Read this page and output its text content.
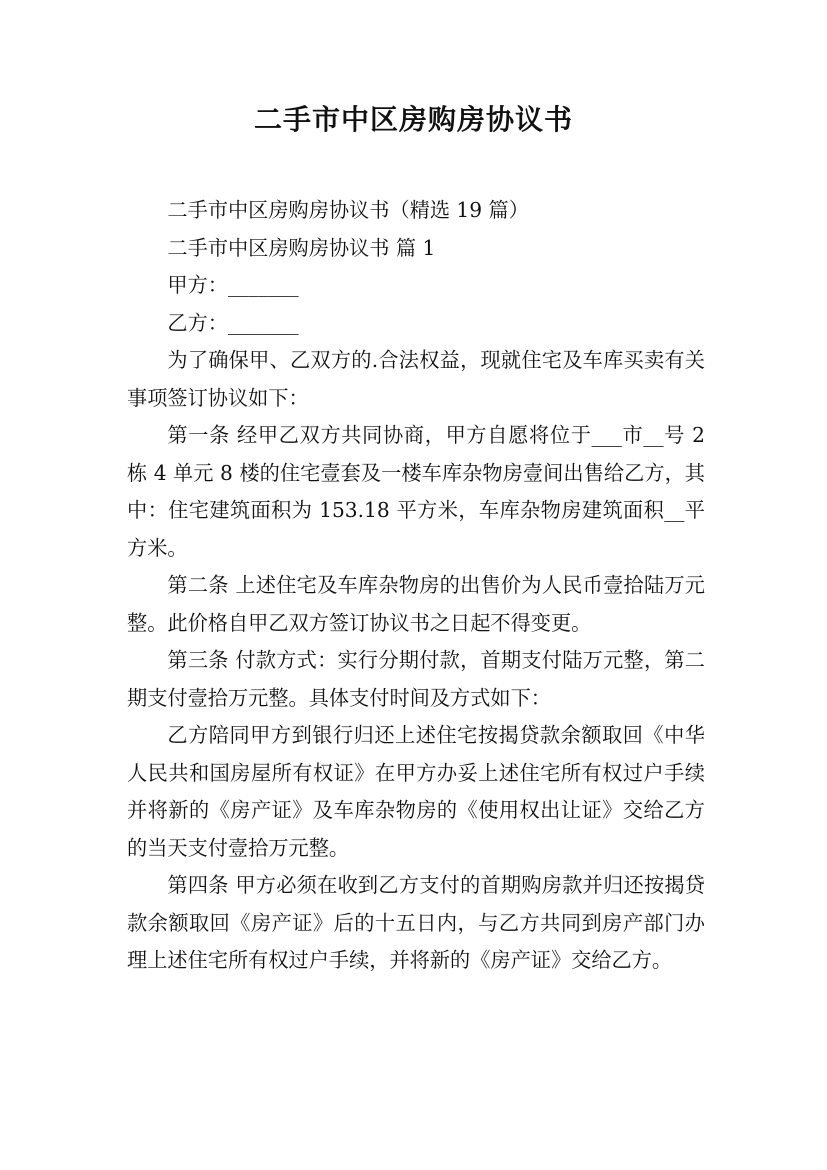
二手市中区房购房协议书

二手市中区房购房协议书（精选 19 篇）

二手市中区房购房协议书 篇 1

甲方：_______

乙方：_______

为了确保甲、乙双方的.合法权益，现就住宅及车库买卖有关事项签订协议如下：

第一条 经甲乙双方共同协商，甲方自愿将位于___市__号 2 栋 4 单元 8 楼的住宅壹套及一楼车库杂物房壹间出售给乙方，其中：住宅建筑面积为 153.18 平方米，车库杂物房建筑面积__平方米。

第二条 上述住宅及车库杂物房的出售价为人民币壹拾陆万元整。此价格自甲乙双方签订协议书之日起不得变更。

第三条 付款方式：实行分期付款，首期支付陆万元整，第二期支付壹拾万元整。具体支付时间及方式如下：

乙方陪同甲方到银行归还上述住宅按揭贷款余额取回《中华人民共和国房屋所有权证》在甲方办妥上述住宅所有权过户手续并将新的《房产证》及车库杂物房的《使用权出让证》交给乙方的当天支付壹拾万元整。

第四条 甲方必须在收到乙方支付的首期购房款并归还按揭贷款余额取回《房产证》后的十五日内，与乙方共同到房产部门办理上述住宅所有权过户手续，并将新的《房产证》交给乙方。
